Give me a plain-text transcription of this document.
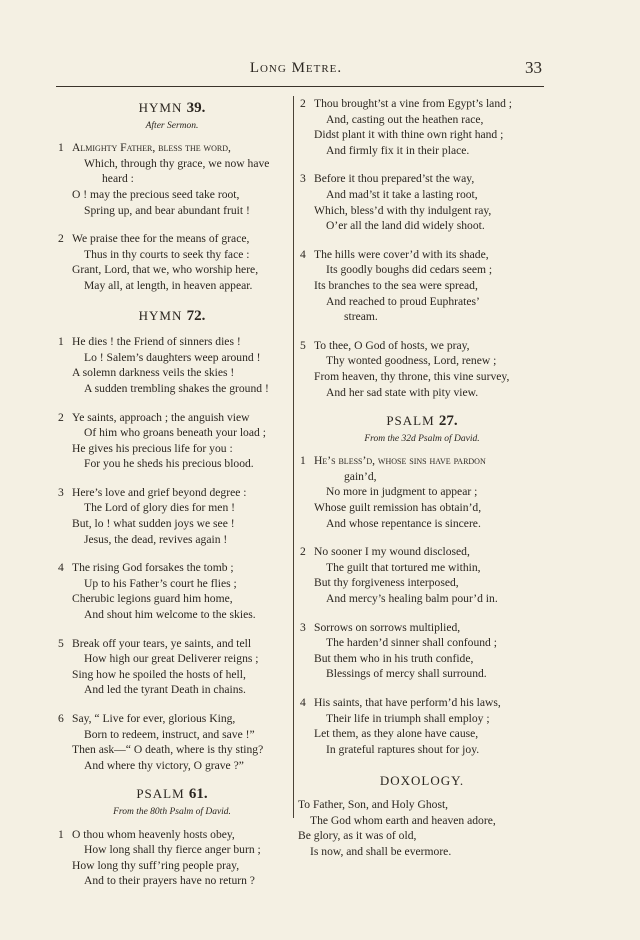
Long Metre.	33
HYMN 39.
After Sermon.
1 Almighty Father, bless the word,
Which, through thy grace, we now have
heard :
O ! may the precious seed take root,
Spring up, and bear abundant fruit !
2 We praise thee for the means of grace,
Thus in thy courts to seek thy face :
Grant, Lord, that we, who worship here,
May all, at length, in heaven appear.
HYMN 72.
1 He dies ! the Friend of sinners dies !
Lo ! Salem’s daughters weep around !
A solemn darkness veils the skies !
A sudden trembling shakes the ground !
2 Ye saints, approach ; the anguish view
Of him who groans beneath your load ;
He gives his precious life for you :
For you he sheds his precious blood.
3 Here’s love and grief beyond degree :
The Lord of glory dies for men !
But, lo ! what sudden joys we see !
Jesus, the dead, revives again !
4 The rising God forsakes the tomb ;
Up to his Father’s court he flies ;
Cherubic legions guard him home,
And shout him welcome to the skies.
5 Break off your tears, ye saints, and tell
How high our great Deliverer reigns ;
Sing how he spoiled the hosts of hell,
And led the tyrant Death in chains.
6 Say, “ Live for ever, glorious King,
Born to redeem, instruct, and save !”
Then ask—“ O death, where is thy sting?
And where thy victory, O grave ?”
PSALM 61.
From the 80th Psalm of David.
1 O thou whom heavenly hosts obey,
How long shall thy fierce anger burn ;
How long thy suff’ring people pray,
And to their prayers have no return ?
2 Thou brought’st a vine from Egypt’s land ;
And, casting out the heathen race,
Didst plant it with thine own right hand ;
And firmly fix it in their place.
3 Before it thou prepared’st the way,
And mad’st it take a lasting root,
Which, bless’d with thy indulgent ray,
O’er all the land did widely shoot.
4 The hills were cover’d with its shade,
Its goodly boughs did cedars seem ;
Its branches to the sea were spread,
And reached to proud Euphrates’
stream.
5 To thee, O God of hosts, we pray,
Thy wonted goodness, Lord, renew ;
From heaven, thy throne, this vine survey,
And her sad state with pity view.
PSALM 27.
From the 32d Psalm of David.
1 He’s bless’d, whose sins have pardon
gain’d,
No more in judgment to appear ;
Whose guilt remission has obtain’d,
And whose repentance is sincere.
2 No sooner I my wound disclosed,
The guilt that tortured me within,
But thy forgiveness interposed,
And mercy’s healing balm pour’d in.
3 Sorrows on sorrows multiplied,
The harden’d sinner shall confound ;
But them who in his truth confide,
Blessings of mercy shall surround.
4 His saints, that have perform’d his laws,
Their life in triumph shall employ ;
Let them, as they alone have cause,
In grateful raptures shout for joy.
DOXOLOGY.
To Father, Son, and Holy Ghost,
The God whom earth and heaven adore,
Be glory, as it was of old,
Is now, and shall be evermore.
